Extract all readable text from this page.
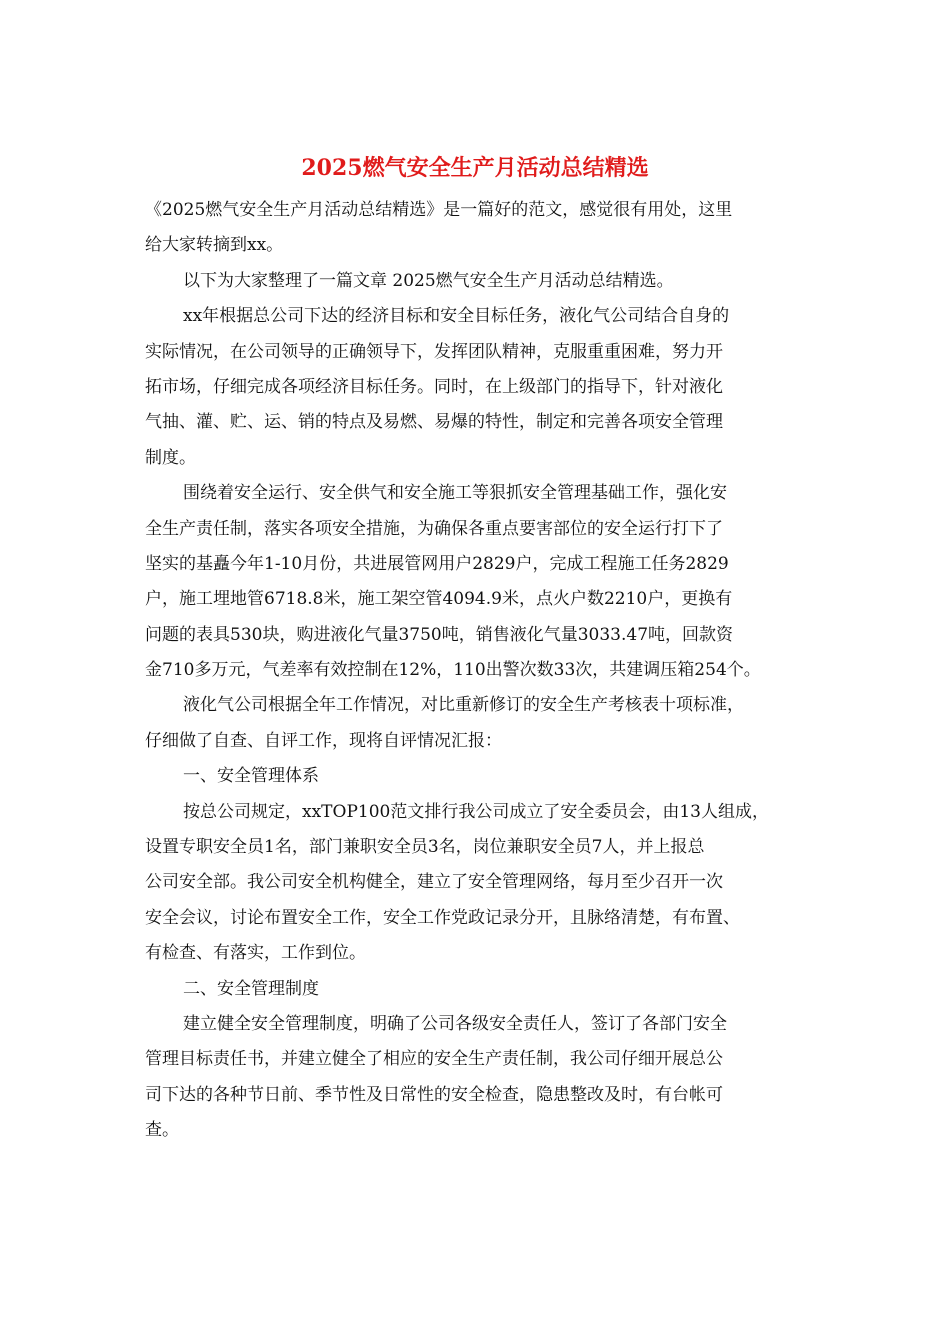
2025燃气安全生产月活动总结精选
《2025燃气安全生产月活动总结精选》是一篇好的范文，感觉很有用处，这里
给大家转摘到xx。
以下为大家整理了一篇文章 2025燃气安全生产月活动总结精选。
xx年根据总公司下达的经济目标和安全目标任务，液化气公司结合自身的
实际情况，在公司领导的正确领导下，发挥团队精神，克服重重困难，努力开
拓市场，仔细完成各项经济目标任务。同时，在上级部门的指导下，针对液化
气抽、灌、贮、运、销的特点及易燃、易爆的特性，制定和完善各项安全管理
制度。
围绕着安全运行、安全供气和安全施工等狠抓安全管理基础工作，强化安
全生产责任制，落实各项安全措施，为确保各重点要害部位的安全运行打下了
坚实的基矗今年1-10月份，共进展管网用户2829户，完成工程施工任务2829
户，施工埋地管6718.8米，施工架空管4094.9米，点火户数2210户，更换有
问题的表具530块，购进液化气量3750吨，销售液化气量3033.47吨，回款资
金710多万元，气差率有效控制在12%，110出警次数33次，共建调压箱254个。
液化气公司根据全年工作情况，对比重新修订的安全生产考核表十项标准，
仔细做了自查、自评工作，现将自评情况汇报：
一、安全管理体系
按总公司规定，xxTOP100范文排行我公司成立了安全委员会，由13人组成，
设置专职安全员1名，部门兼职安全员3名，岗位兼职安全员7人，并上报总
公司安全部。我公司安全机构健全，建立了安全管理网络，每月至少召开一次
安全会议，讨论布置安全工作，安全工作党政记录分开，且脉络清楚，有布置、
有检查、有落实，工作到位。
二、安全管理制度
建立健全安全管理制度，明确了公司各级安全责任人，签订了各部门安全
管理目标责任书，并建立健全了相应的安全生产责任制，我公司仔细开展总公
司下达的各种节日前、季节性及日常性的安全检查，隐患整改及时，有台帐可
查。
